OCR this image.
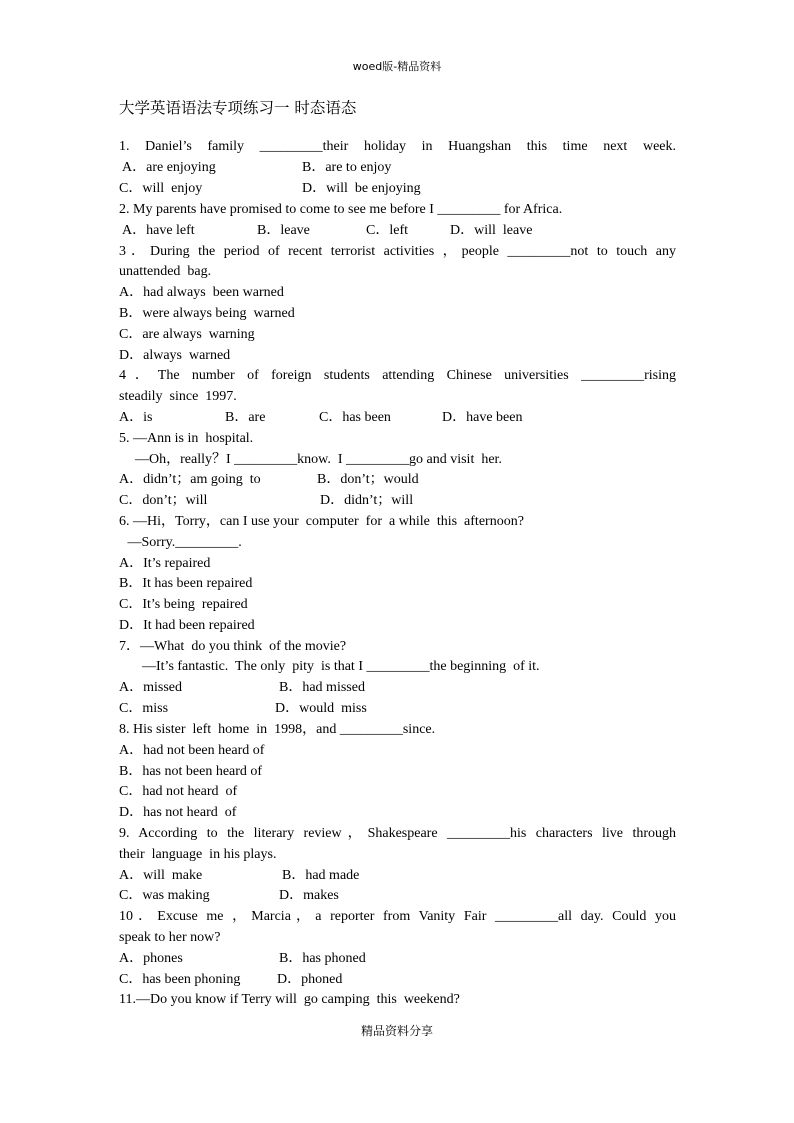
woed版-精品资料
大学英语语法专项练习一 时态语态
1. Daniel’s family _________their holiday in Huangshan this time next week.
A．are enjoying	B．are to enjoy
C．will  enjoy	D．will  be enjoying
2. My parents have promised to come to see me before I _________ for Africa.
A．have left	B．leave	C．left	D．will  leave
3．During the period of recent terrorist activities ，people _________not to touch any
unattended  bag.
A．had always  been warned
B．were always being  warned
C．are always  warning
D．always  warned
4．The number of foreign students attending Chinese universities _________rising
steadily  since  1997.
A．is	B．are	C．has been	D．have been
5. —Ann is in  hospital.
—Oh，really？I _________know.  I _________go and visit  her.
A．didn’t；am going  to	B．don’t；would
C．don’t；will	D．didn’t；will
6. —Hi，Torry，can I use your  computer  for  a while  this  afternoon?
—Sorry._________.
A．It’s repaired
B．It has been repaired
C．It’s being  repaired
D．It had been repaired
7．—What  do you think  of the movie?
—It’s fantastic.  The only  pity  is that I _________the beginning  of it.
A．missed	B．had missed
C．miss	D．would  miss
8. His sister  left  home  in  1998，and _________since.
A．had not been heard of
B．has not been heard of
C．had not heard  of
D．has not heard  of
9. According to the literary review，Shakespeare _________his characters live through
their  language  in his plays.
A．will  make	B．had made
C．was making	D．makes
10．Excuse me ，Marcia，a reporter from Vanity Fair _________all day. Could you
speak to her now?
A．phones	B．has phoned
C．has been phoning	D．phoned
11.—Do you know if Terry will  go camping  this  weekend?
精品资料分享
